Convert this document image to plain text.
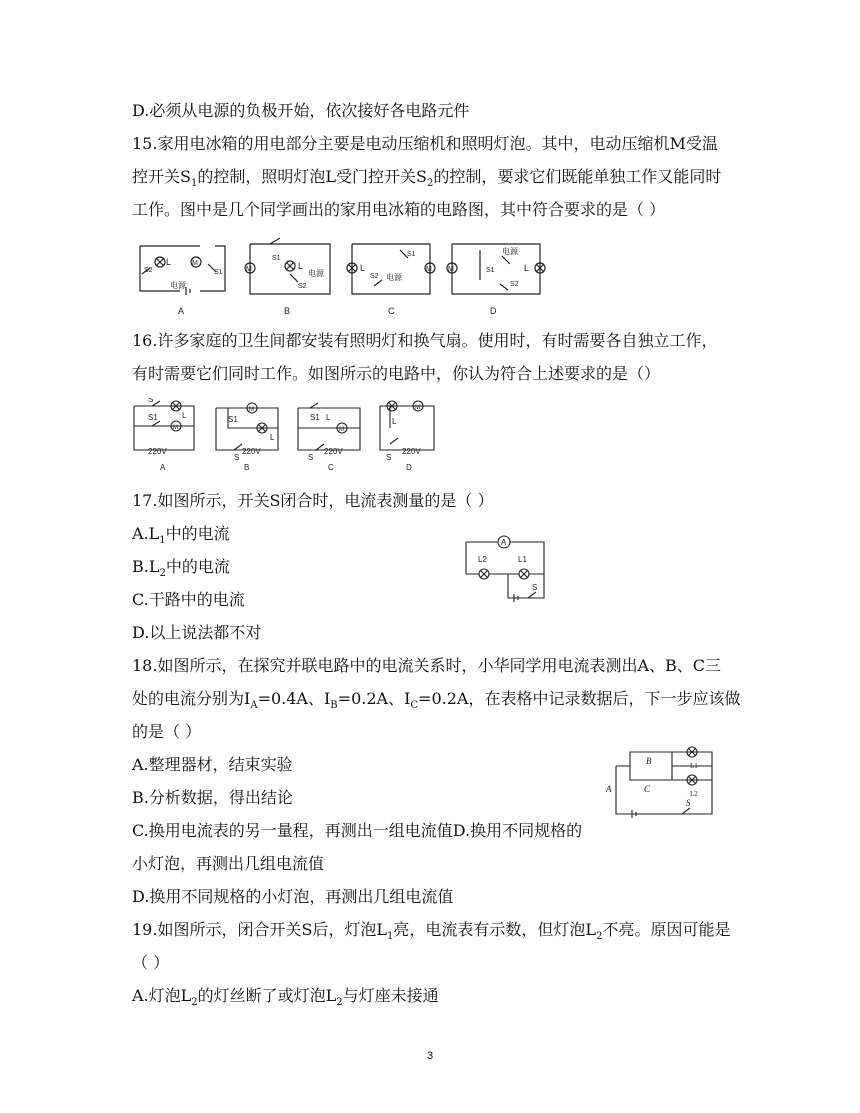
D.必须从电源的负极开始，依次接好各电路元件
15.家用电冰箱的用电部分主要是电动压缩机和照明灯泡。其中，电动压缩机M受温
控开关$S_1$的控制，照明灯泡L受门控开关$S_2$的控制，要求它们既能单独工作又能同时
工作。图中是几个同学画出的家用电冰箱的电路图，其中符合要求的是（ ）
L	M
S2	S1
电源
A
S1
L
M
S2
电源
B
L	M
S1
S2 电源
C
M	L
电源
S1
S2
D
16.许多家庭的卫生间都安装有照明灯和换气扇。使用时，有时需要各自独立工作，
有时需要它们同时工作。如图所示的电路中，你认为符合上述要求的是（）
S
L
S1
M
220V
A
M
S1
L
S
220V
B
S1 L
M
S
220V
C
M
L
S
220V
D
17.如图所示，开关S闭合时，电流表测量的是（ ）
$A.L_1$中的电流
$B.L_2$中的电流
C.干路中的电流
D.以上说法都不对
A
L2	L1
S
18.如图所示，在探究并联电路中的电流关系时，小华同学用电流表测出A、B、C三
处的电流分别为$I_A=0.4A$、$I_B=0.2A$、$I_C=0.2A$，在表格中记录数据后，下一步应该做
的是（ ）
A.整理器材，结束实验
B.分析数据，得出结论
C.换用电流表的另一量程，再测出一组电流值D.换用不同规格的
小灯泡，再测出几组电流值
D.换用不同规格的小灯泡，再测出几组电流值
A
B
C
L1
L2
S
19.如图所示，闭合开关S后，灯泡$L_1$亮，电流表有示数，但灯泡$L_2$不亮。原因可能是
（ ）
A.灯泡$L_2$的灯丝断了或灯泡$L_2$与灯座未接通
3
